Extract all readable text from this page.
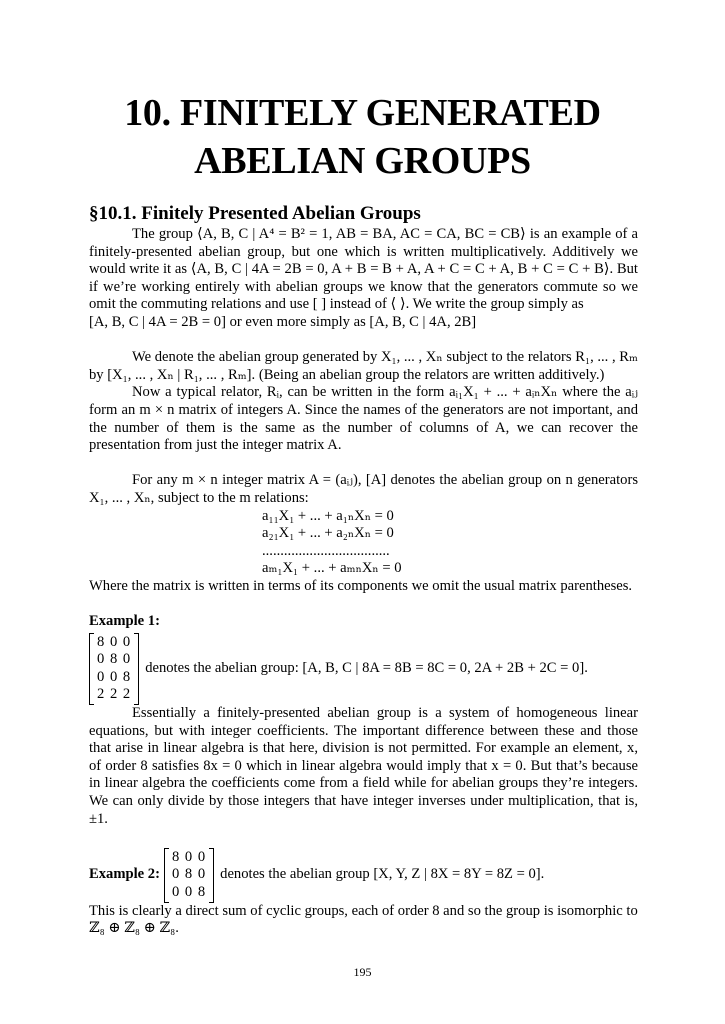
10. FINITELY GENERATED
ABELIAN GROUPS
§10.1. Finitely Presented Abelian Groups

The group ⟨A, B, C | A⁴ = B² = 1, AB = BA, AC = CA, BC = CB⟩ is an example of a finitely-presented abelian group, but one which is written multiplicatively. Additively we would write it as ⟨A, B, C | 4A = 2B = 0, A + B = B + A, A + C = C + A, B + C = C + B⟩. But if we’re working entirely with abelian groups we know that the generators commute so we omit the commuting relations and use [ ] instead of ⟨ ⟩. We write the group simply as

[A, B, C | 4A = 2B = 0] or even more simply as [A, B, C | 4A, 2B]

We denote the abelian group generated by X₁, ... , Xₙ subject to the relators R₁, ... , Rₘ by [X₁, ... , Xₙ | R₁, ... , Rₘ]. (Being an abelian group the relators are written additively.)

Now a typical relator, Rᵢ, can be written in the form aᵢ₁X₁ + ... + aᵢₙXₙ where the aᵢⱼ form an m × n matrix of integers A. Since the names of the generators are not important, and the number of them is the same as the number of columns of A, we can recover the presentation from just the integer matrix A.

For any m × n integer matrix A = (aᵢⱼ), [A] denotes the abelian group on n generators X₁, ... , Xₙ, subject to the m relations:

a₁₁X₁ + ... + a₁ₙXₙ = 0
a₂₁X₁ + ... + a₂ₙXₙ = 0
...................................
aₘ₁X₁ + ... + aₘₙXₙ = 0

Where the matrix is written in terms of its components we omit the usual matrix parentheses.

Example 1:

8 0 0
0 8 0
0 0 8
2 2 2
denotes the abelian group: [A, B, C | 8A = 8B = 8C = 0, 2A + 2B + 2C = 0].

Essentially a finitely-presented abelian group is a system of homogeneous linear equations, but with integer coefficients. The important difference between these and those that arise in linear algebra is that here, division is not permitted. For example an element, x, of order 8 satisfies 8x = 0 which in linear algebra would imply that x = 0. But that’s because in linear algebra the coefficients come from a field while for abelian groups they’re integers. We can only divide by those integers that have integer inverses under multiplication, that is, ±1.

Example 2:
8 0 0
0 8 0
0 0 8
denotes the abelian group [X, Y, Z | 8X = 8Y = 8Z = 0].

This is clearly a direct sum of cyclic groups, each of order 8 and so the group is isomorphic to

ℤ₈ ⊕ ℤ₈ ⊕ ℤ₈.

195
